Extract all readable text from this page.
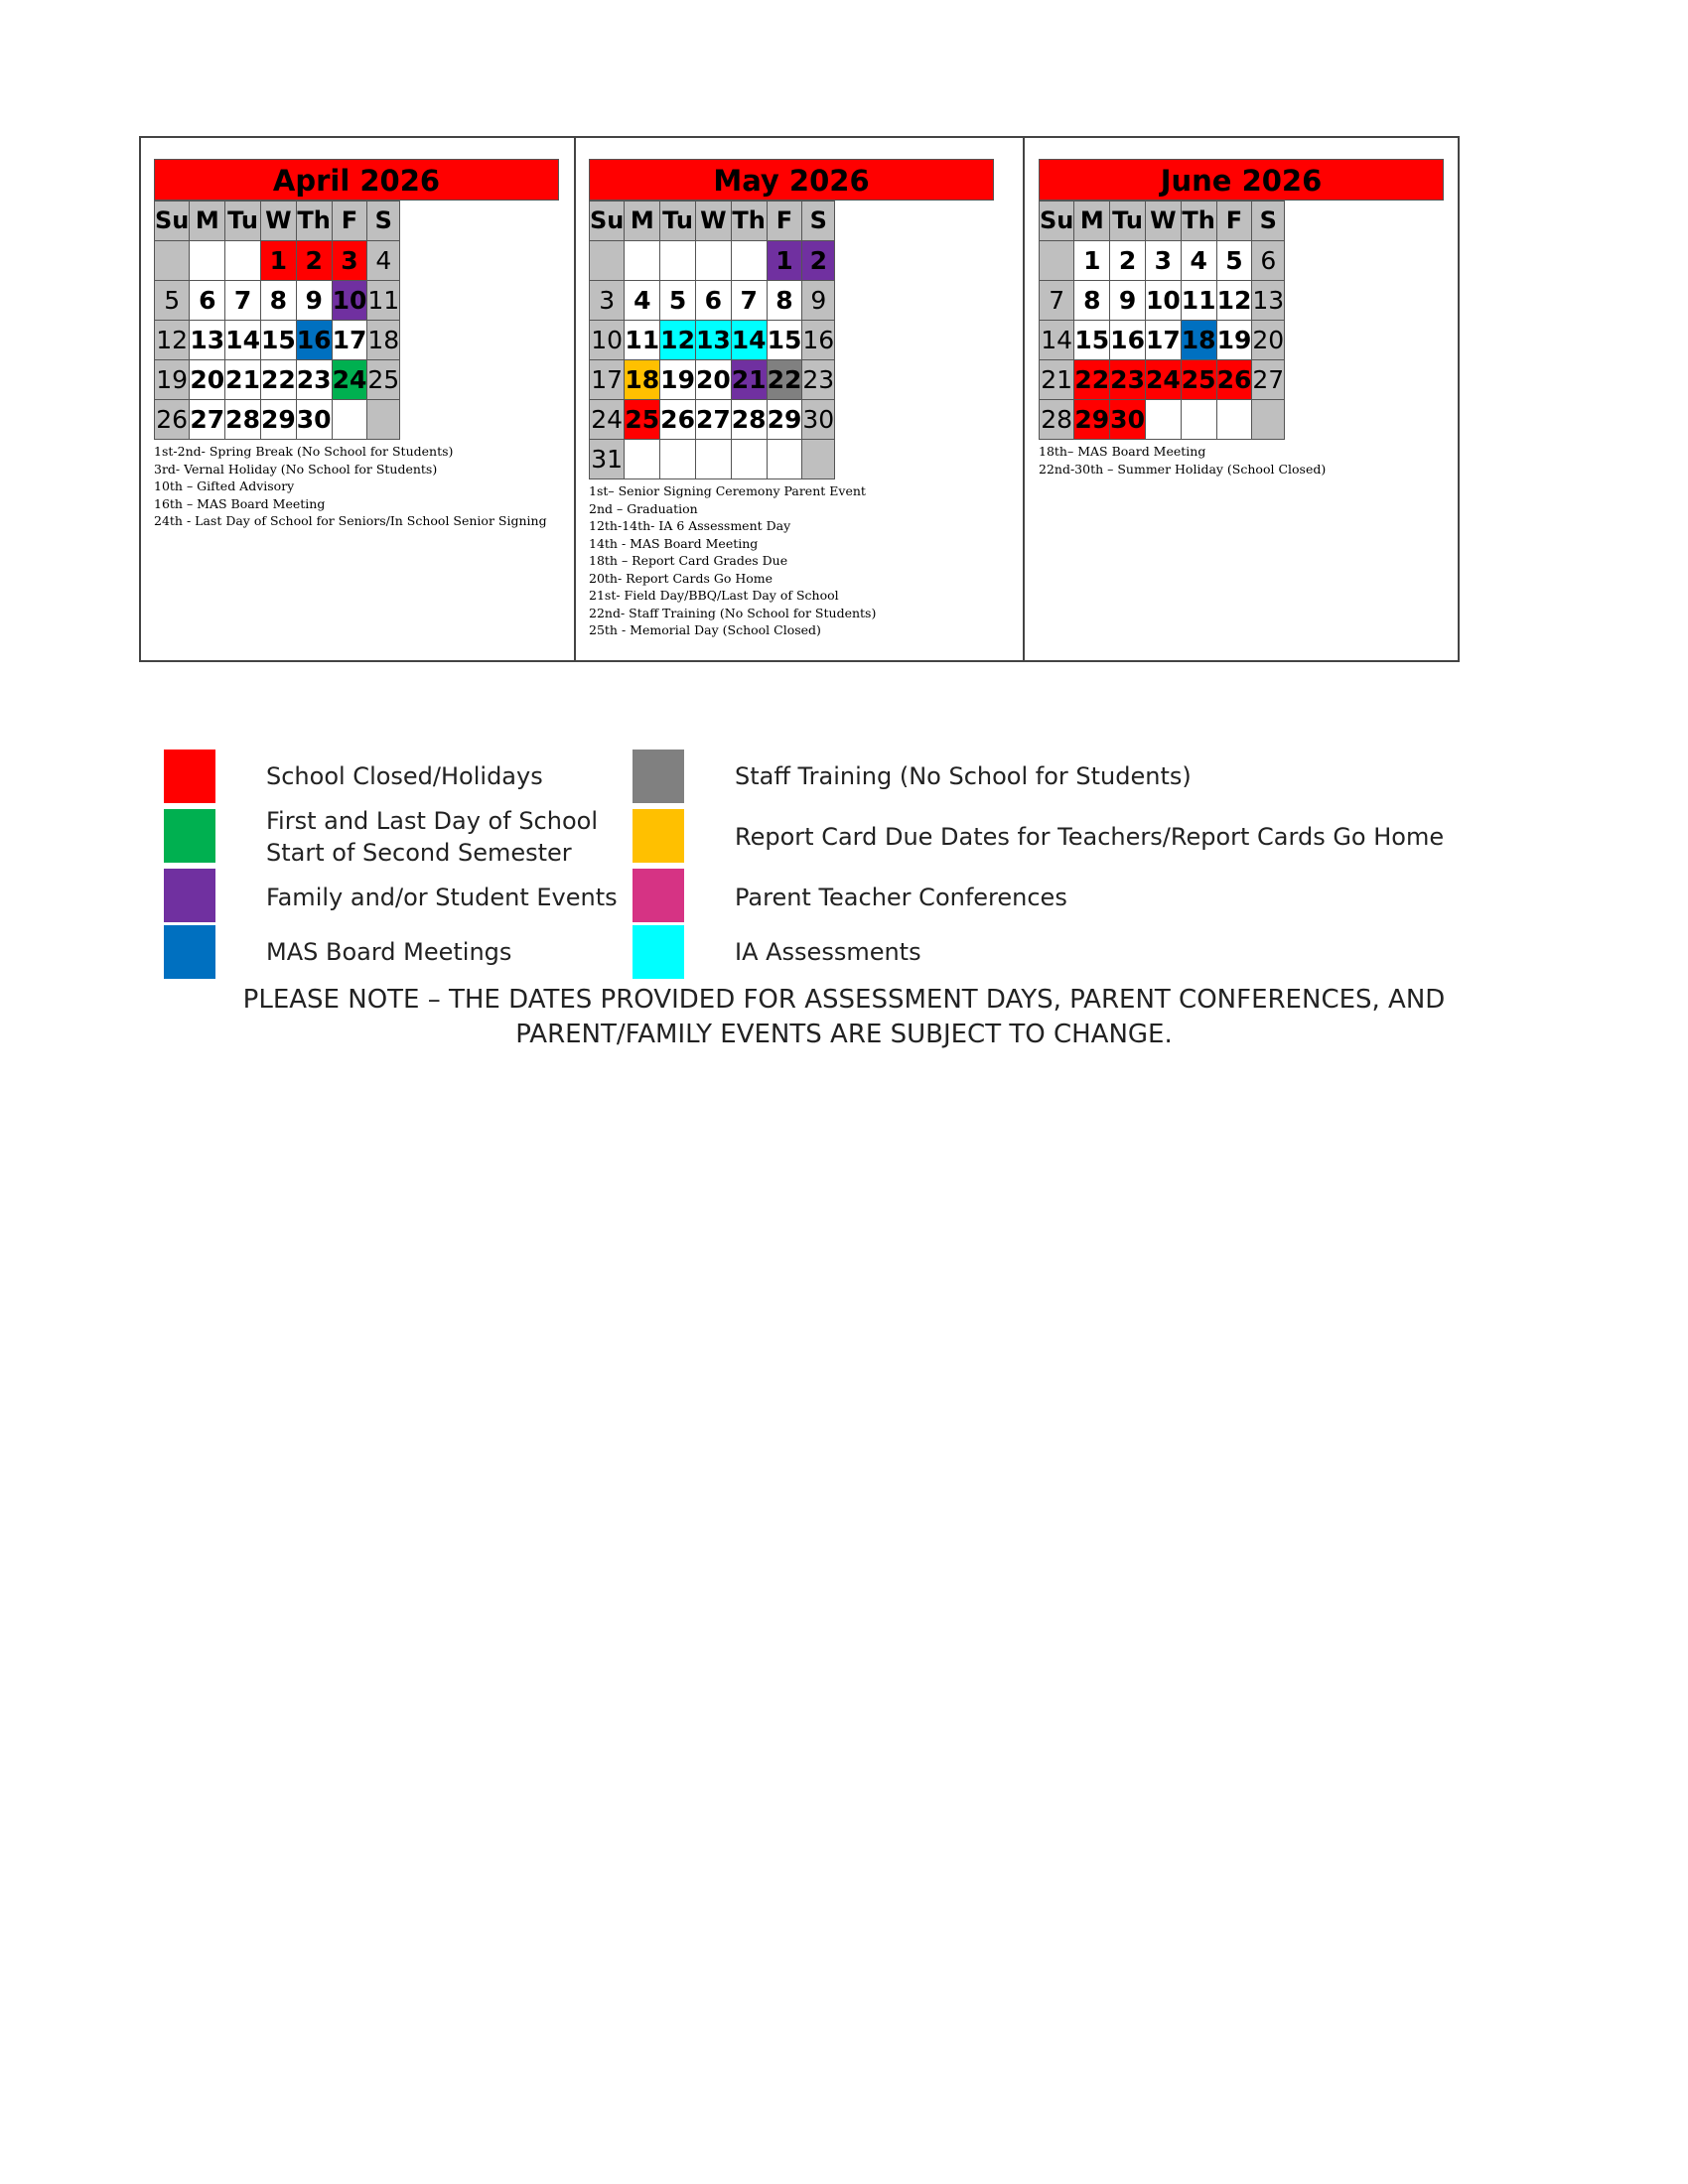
April 2026
Su	M	Tu	W	Th	F	S
			1	2	3	4
5	6	7	8	9	10	11
12	13	14	15	16	17	18
19	20	21	22	23	24	25
26	27	28	29	30		
1st-2nd- Spring Break (No School for Students)
3rd- Vernal Holiday (No School for Students)
10th – Gifted Advisory
16th – MAS Board Meeting
24th - Last Day of School for Seniors/In School Senior Signing
May 2026
Su	M	Tu	W	Th	F	S
					1	2
3	4	5	6	7	8	9
10	11	12	13	14	15	16
17	18	19	20	21	22	23
24	25	26	27	28	29	30
31						
1st– Senior Signing Ceremony Parent Event
2nd – Graduation
12th-14th- IA 6 Assessment Day
14th - MAS Board Meeting
18th – Report Card Grades Due
20th- Report Cards Go Home
21st- Field Day/BBQ/Last Day of School
22nd- Staff Training (No School for Students)
25th - Memorial Day (School Closed)
June 2026
Su	M	Tu	W	Th	F	S
	1	2	3	4	5	6
7	8	9	10	11	12	13
14	15	16	17	18	19	20
21	22	23	24	25	26	27
28	29	30				
18th– MAS Board Meeting
22nd-30th – Summer Holiday (School Closed)
School Closed/Holidays
First and Last Day of School
Start of Second Semester
Family and/or Student Events
MAS Board Meetings
Staff Training (No School for Students)
Report Card Due Dates for Teachers/Report Cards Go Home
Parent Teacher Conferences
IA Assessments
PLEASE NOTE – THE DATES PROVIDED FOR ASSESSMENT DAYS, PARENT CONFERENCES, AND
PARENT/FAMILY EVENTS ARE SUBJECT TO CHANGE.
